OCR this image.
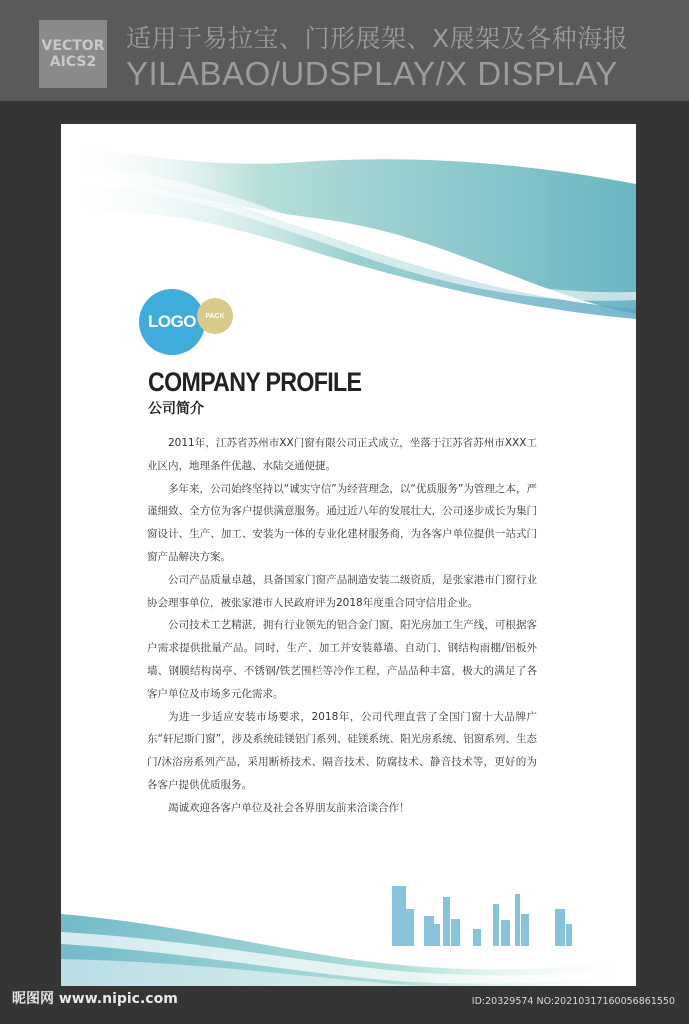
VECTOR
AICS2
适用于易拉宝、门形展架、X展架及各种海报
YILABAO/UDSPLAY/X DISPLAY
LOGO PACK
COMPANY PROFILE
公司简介

2011年，江苏省苏州市XX门窗有限公司正式成立，坐落于江苏省苏州市XXX工业区内，地理条件优越、水陆交通便捷。

多年来，公司始终坚持以“诚实守信”为经营理念，以“优质服务”为管理之本，严谨细致、全方位为客户提供满意服务。通过近八年的发展壮大，公司逐步成长为集门窗设计、生产、加工、安装为一体的专业化建材服务商，为各客户单位提供一站式门窗产品解决方案。

公司产品质量卓越，具备国家门窗产品制造安装二级资质，是张家港市门窗行业协会理事单位，被张家港市人民政府评为2018年度重合同守信用企业。

公司技术工艺精湛，拥有行业领先的铝合金门窗、阳光房加工生产线，可根据客户需求提供批量产品。同时，生产、加工并安装幕墙、自动门、钢结构雨棚/铝板外墙、钢膜结构岗亭、不锈钢/铁艺围栏等冷作工程，产品品种丰富，极大的满足了各客户单位及市场多元化需求。

为进一步适应安装市场要求，2018年，公司代理直营了全国门窗十大品牌广东“轩尼斯门窗”，涉及系统硅镁铝门系列、硅镁系统、阳光房系统、铝窗系列、生态门/沐浴房系列产品，采用断桥技术、隔音技术、防腐技术、静音技术等，更好的为各客户提供优质服务。

竭诚欢迎各客户单位及社会各界朋友前来洽谈合作！

昵图网 www.nipic.com	ID:20329574 NO:20210317160056861550
